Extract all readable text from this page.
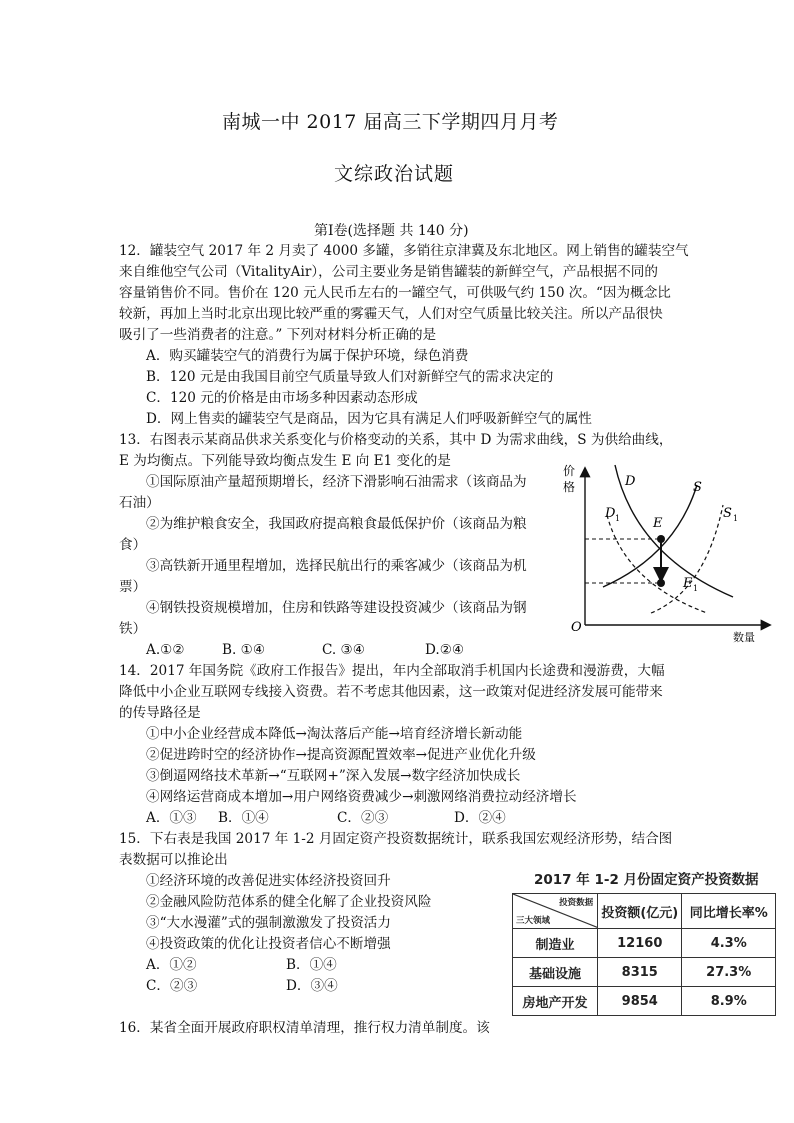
南城一中 2017 届高三下学期四月月考
文综政治试题
第Ⅰ卷(选择题 共 140 分)
12．罐装空气 2017 年 2 月卖了 4000 多罐，多销往京津冀及东北地区。网上销售的罐装空气
来自维他空气公司（VitalityAir），公司主要业务是销售罐装的新鲜空气，产品根据不同的
容量销售价不同。售价在 120 元人民币左右的一罐空气，可供吸气约 150 次。“因为概念比
较新，再加上当时北京出现比较严重的雾霾天气，人们对空气质量比较关注。所以产品很快
吸引了一些消费者的注意。” 下列对材料分析正确的是
A．购买罐装空气的消费行为属于保护环境，绿色消费
B．120 元是由我国目前空气质量导致人们对新鲜空气的需求决定的
C．120 元的价格是由市场多种因素动态形成
D．网上售卖的罐装空气是商品，因为它具有满足人们呼吸新鲜空气的属性
13．右图表示某商品供求关系变化与价格变动的关系，其中 D 为需求曲线，S 为供给曲线，
E 为均衡点。下列能导致均衡点发生 E 向 E1 变化的是
①国际原油产量超预期增长，经济下滑影响石油需求（该商品为
石油）
②为维护粮食安全，我国政府提高粮食最低保护价（该商品为粮
食）
③高铁新开通里程增加，选择民航出行的乘客减少（该商品为机
票）
④钢铁投资规模增加，住房和铁路等建设投资减少（该商品为钢
铁）
A.①②	B. ①④	C. ③④	D.②④
价
格
数量
O
D	S
D 1	S 1
E
E 1
14．2017 年国务院《政府工作报告》提出，年内全部取消手机国内长途费和漫游费，大幅
降低中小企业互联网专线接入资费。若不考虑其他因素，这一政策对促进经济发展可能带来
的传导路径是
①中小企业经营成本降低→淘汰落后产能→培育经济增长新动能
②促进跨时空的经济协作→提高资源配置效率→促进产业优化升级
③倒逼网络技术革新→“互联网+”深入发展→数字经济加快成长
④网络运营商成本增加→用户网络资费减少→刺激网络消费拉动经济增长
A．①③ B．①④	C．②③	D．②④
15．下右表是我国 2017 年 1-2 月固定资产投资数据统计，联系我国宏观经济形势，结合图
表数据可以推论出
①经济环境的改善促进实体经济投资回升
②金融风险防范体系的健全化解了企业投资风险
③“大水漫灌”式的强制激激发了投资活力
④投资政策的优化让投资者信心不断增强
A．①②	B．①④
C．②③	D．③④
2017 年 1-2 月份固定资产投资数据
投资数据
三大领域	投资额(亿元)	同比增长率%
制造业	12160	4.3%
基础设施	8315	27.3%
房地产开发	9854	8.9%
16．某省全面开展政府职权清单清理，推行权力清单制度。该
